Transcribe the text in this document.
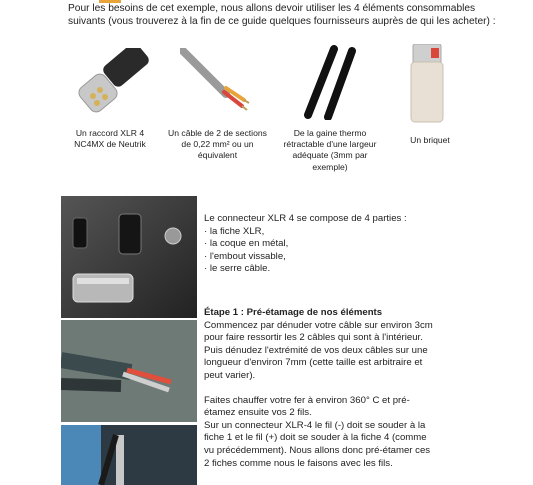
Pour les besoins de cet exemple, nous allons devoir utiliser les 4 éléments consommables suivants (vous trouverez à la fin de ce guide quelques fournisseurs auprès de qui les acheter) :
Un raccord XLR 4
NC4MX de Neutrik
Un câble de 2 de sections
de 0,22 mm² ou un
équivalent
De la gaine thermo
rétractable d'une largeur
adéquate (3mm par
exemple)
Un briquet

Le connecteur XLR 4 se compose de 4 parties :

· la fiche XLR,

· la coque en métal,

· l'embout vissable,

· le serre câble.

Étape 1 : Pré-étamage de nos éléments

Commencez par dénuder votre câble sur environ 3cm

pour faire ressortir les 2 câbles qui sont à l'intérieur.

Puis dénudez l'extrémité de vos deux câbles sur une

longueur d'environ 7mm (cette taille est arbitraire et

peut varier).

Faites chauffer votre fer à environ 360° C et pré-

étamez ensuite vos 2 fils.

Sur un connecteur XLR-4 le fil (-) doit se souder à la

fiche 1 et le fil (+) doit se souder à la fiche 4 (comme

vu précédemment). Nous allons donc pré-étamer ces

2 fiches comme nous le faisons avec les fils.
